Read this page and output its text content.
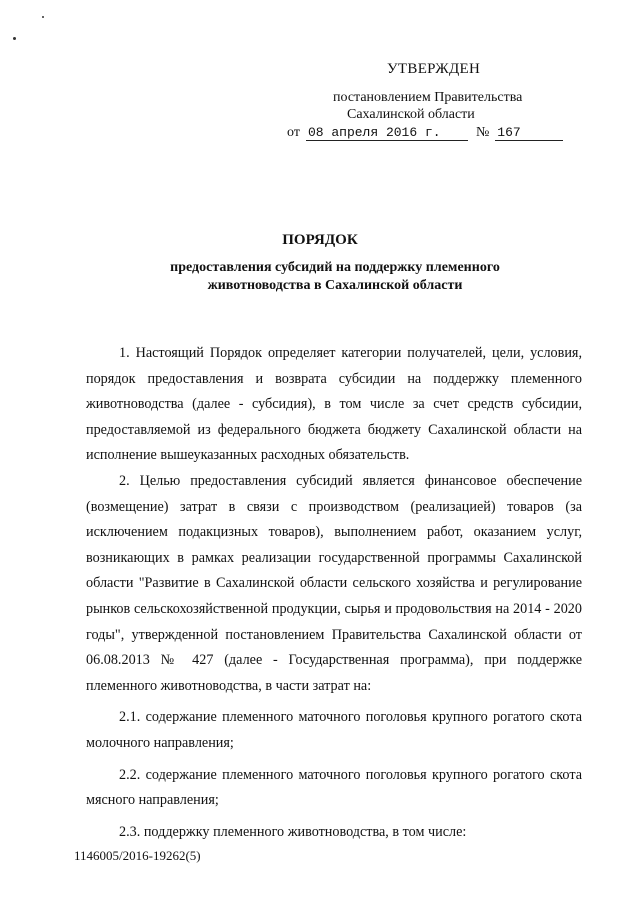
УТВЕРЖДЕН
постановлением Правительства
Сахалинской области
от 08 апреля 2016 г.	№ 167
ПОРЯДОК
предоставления субсидий на поддержку племенного
животноводства в Сахалинской области

1. Настоящий Порядок определяет категории получателей, цели, условия, порядок предоставления и возврата субсидии на поддержку племенного животноводства (далее - субсидия), в том числе за счет средств субсидии, предоставляемой из федерального бюджета бюджету Сахалинской области на исполнение вышеуказанных расходных обязательств.

2. Целью предоставления субсидий является финансовое обеспечение (возмещение) затрат в связи с производством (реализацией) товаров (за исключением подакцизных товаров), выполнением работ, оказанием услуг, возникающих в рамках реализации государственной программы Сахалинской области "Развитие в Сахалинской области сельского хозяйства и регулирование рынков сельскохозяйственной продукции, сырья и продовольствия на 2014 - 2020 годы", утвержденной постановлением Правительства Сахалинской области от 06.08.2013 № 427 (далее - Государственная программа), при поддержке племенного животноводства, в части затрат на:

2.1. содержание племенного маточного поголовья крупного рогатого скота молочного направления;

2.2. содержание племенного маточного поголовья крупного рогатого скота мясного направления;

2.3. поддержку племенного животноводства, в том числе:

1146005/2016-19262(5)
